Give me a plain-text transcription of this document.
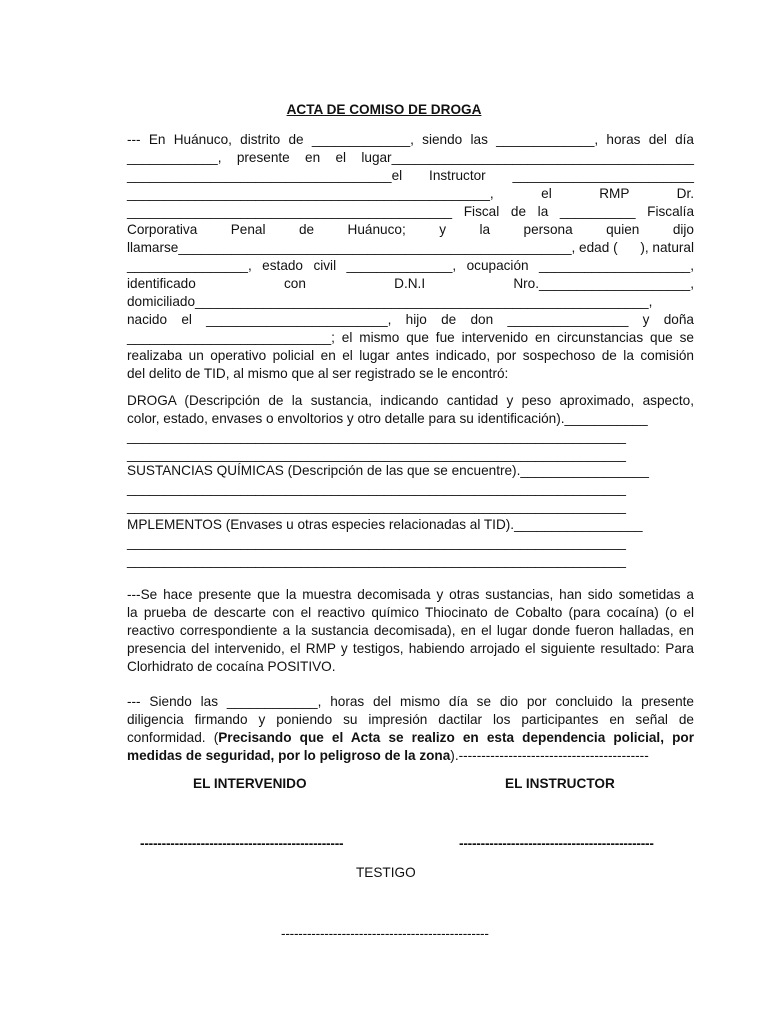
ACTA DE COMISO DE DROGA
--- En Huánuco, distrito de _____________, siendo las _____________, horas del día
____________,   presente   en   el   lugar________________________________________
___________________________________el    Instructor    ________________________
________________________________________________,     el     RMP     Dr.
___________________________________________ Fiscal de la __________ Fiscalía
Corporativa     Penal     de     Huánuco;     y     la     persona     quien     dijo
llamarse____________________________________________________, edad (      ), natural
________________, estado civil ______________, ocupación ____________________,
identificado                con                D.N.I                Nro.____________________,
domiciliado____________________________________________________________,
nacido el ________________________, hijo de don ________________ y doña
___________________________; el mismo que fue intervenido en circunstancias que se
realizaba un operativo policial en el lugar antes indicado, por sospechoso de la comisión
del delito de TID, al mismo que al ser registrado se le encontró:
DROGA (Descripción de la sustancia, indicando cantidad y peso aproximado, aspecto,
color, estado, envases o envoltorios y otro detalle para su identificación).___________
__________________________________________________________________
__________________________________________________________________
SUSTANCIAS QUÍMICAS (Descripción de las que se encuentre)._________________
__________________________________________________________________
__________________________________________________________________
MPLEMENTOS (Envases u otras especies relacionadas al TID)._________________
__________________________________________________________________
__________________________________________________________________
---Se hace presente que la muestra decomisada y otras sustancias, han sido sometidas a
la prueba de descarte con el reactivo químico Thiocinato de Cobalto (para cocaína) (o el
reactivo correspondiente a la sustancia decomisada), en el lugar donde fueron halladas, en
presencia del intervenido, el RMP y testigos, habiendo arrojado el siguiente resultado: Para
Clorhidrato de cocaína POSITIVO.
--- Siendo las ____________, horas del mismo día se dio por concluido la presente
diligencia firmando y poniendo su impresión dactilar los participantes en señal de
conformidad. (Precisando que el Acta se realizo en esta dependencia policial, por
medidas de seguridad, por lo peligroso de la zona).------------------------------------------
EL INTERVENIDO	EL INSTRUCTOR
-----------------------------------------------	---------------------------------------------
TESTIGO
------------------------------------------------
